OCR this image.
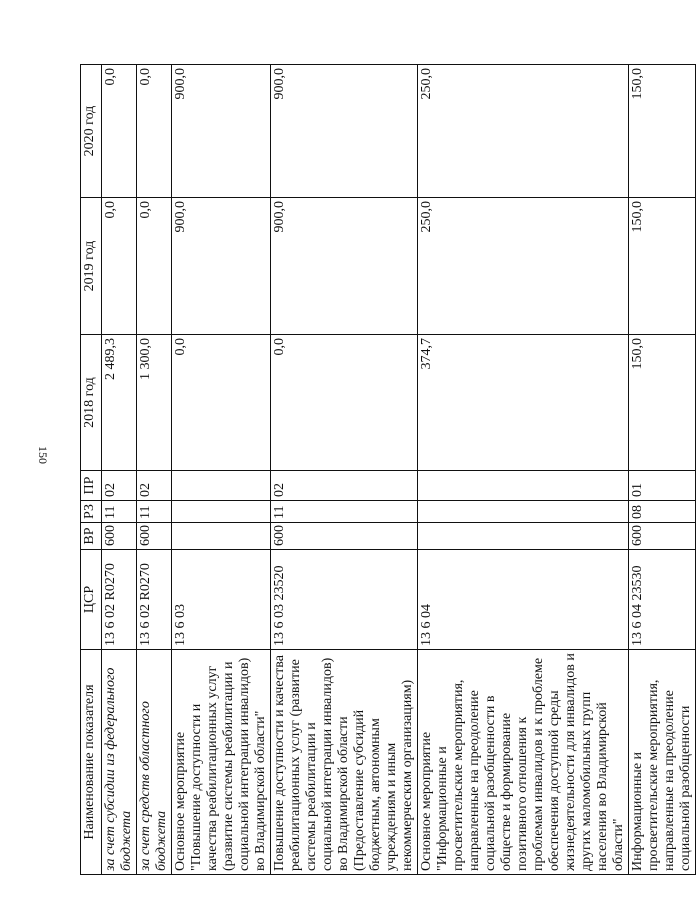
150
Наименование показателя	ЦСР	ВР	РЗ	ПР	2018 год	2019 год	2020 год
за счет субсидии из федерального бюджета	13 6 02 R0270	600	11	02	2 489,3	0,0	0,0
за счет средств областного бюджета	13 6 02 R0270	600	11	02	1 300,0	0,0	0,0
Основное мероприятие "Повышение доступности и качества реабилитационных услуг (развитие системы реабилитации и социальной интеграции инвалидов) во Владимирской области"	13 6 03				0,0	900,0	900,0
Повышение доступности и качества реабилитационных услуг (развитие системы реабилитации и социальной интеграции инвалидов) во Владимирской области (Предоставление субсидий бюджетным, автономным учреждениям и иным некоммерческим организациям)	13 6 03 23520	600	11	02	0,0	900,0	900,0
Основное мероприятие "Информационные и просветительские мероприятия, направленные на преодоление социальной разобщенности в обществе и формирование позитивного отношения к проблемам инвалидов и к проблеме обеспечения доступной среды жизнедеятельности для инвалидов и других маломобильных групп населения во Владимирской области"	13 6 04				374,7	250,0	250,0
Информационные и просветительские мероприятия, направленные на преодоление социальной разобщенности	13 6 04 23530	600	08	01	150,0	150,0	150,0
